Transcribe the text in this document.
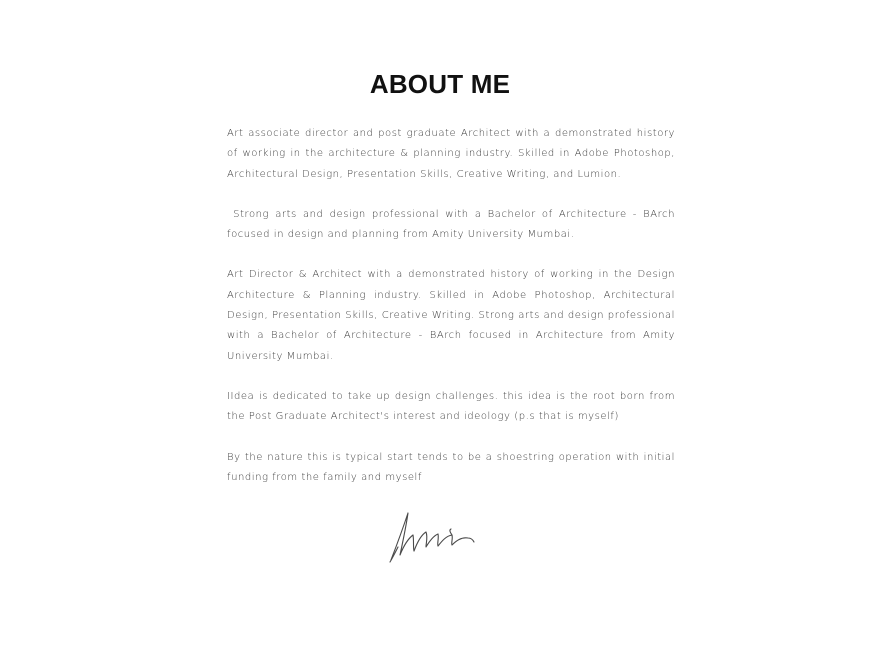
ABOUT ME

Art associate director and post graduate Architect with a demonstrated history of working in the architecture & planning industry. Skilled in Adobe Photoshop, Architectural Design, Presentation Skills, Creative Writing, and Lumion.

Strong arts and design professional with a Bachelor of Architecture - BArch focused in design and planning from Amity University Mumbai.

Art Director & Architect with a demonstrated history of working in the Design Architecture & Planning industry. Skilled in Adobe Photoshop, Architectural Design, Presentation Skills, Creative Writing. Strong arts and design professional with a Bachelor of Architecture - BArch focused in Architecture from Amity University Mumbai.

IIdea is dedicated to take up design challenges. this idea is the root born from the Post Graduate Architect's interest and ideology (p.s that is myself)

By the nature this is typical start tends to be a shoestring operation with initial funding from the family and myself
